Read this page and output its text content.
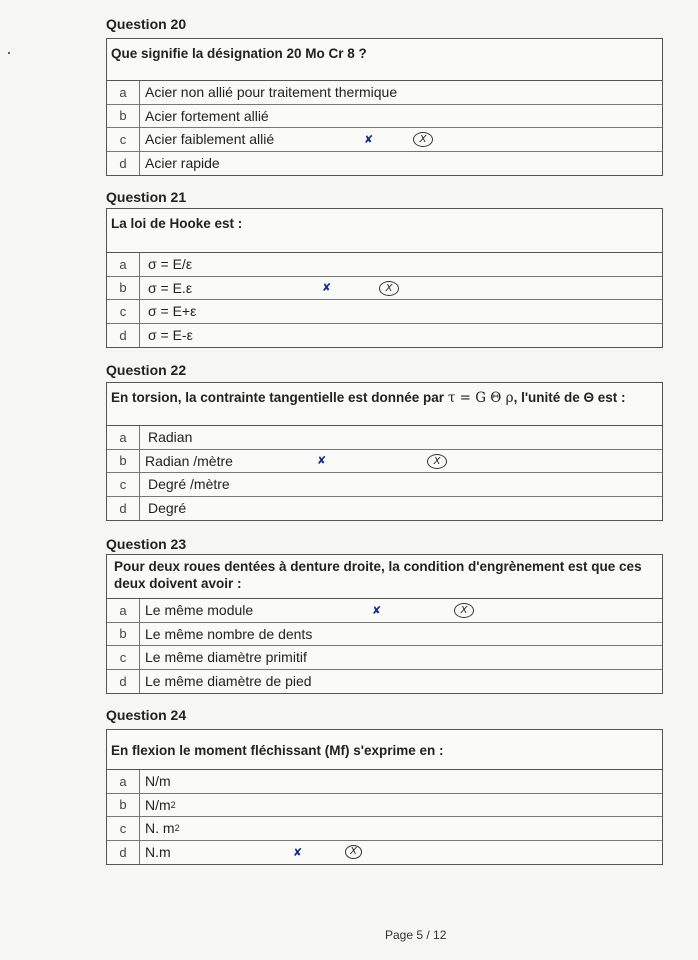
Question 20
Que signifie la désignation 20 Mo Cr 8 ?
a	Acier non allié pour traitement thermique
b	Acier fortement allié
c	Acier faiblement allié	✘	X
d	Acier rapide
Question 21
La loi de Hooke est :
a	σ = E/ε
b	σ = E.ε	✘	X
c	σ = E+ε
d	σ = E-ε
Question 22
En torsion, la contrainte tangentielle est donnée par τ = G Θ ρ, l'unité de Θ est :
a	Radian
b	Radian /mètre	✘	X
c	Degré /mètre
d	Degré
Question 23
Pour deux roues dentées à denture droite, la condition d'engrènement est que ces deux doivent avoir :
a	Le même module	✘	X
b	Le même nombre de dents
c	Le même diamètre primitif
d	Le même diamètre de pied
Question 24
En flexion le moment fléchissant (Mf) s'exprime en :
a	N/m
b	N/m 2
c	N. m 2
d	N.m	✘	X
Page 5 / 12
